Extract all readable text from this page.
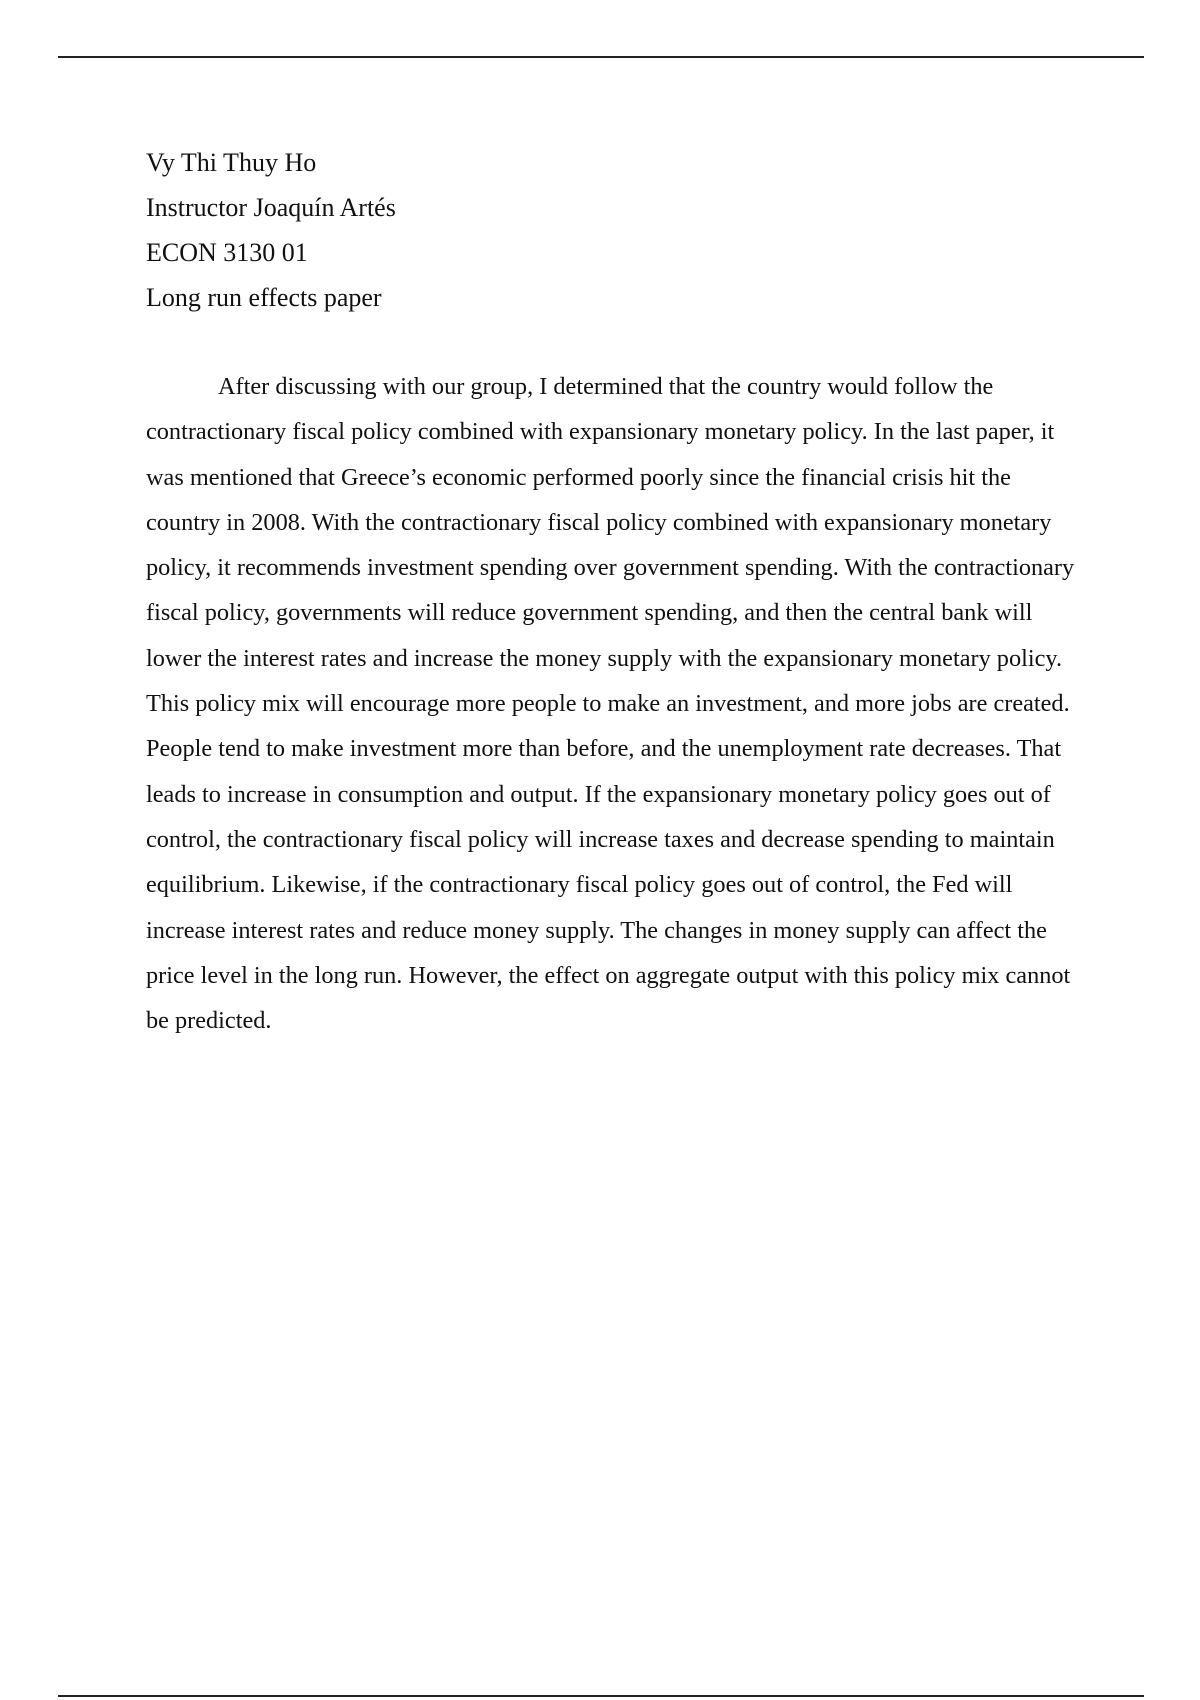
Vy Thi Thuy Ho
Instructor Joaquín Artés
ECON 3130 01
Long run effects paper

After discussing with our group, I determined that the country would follow the contractionary fiscal policy combined with expansionary monetary policy. In the last paper, it was mentioned that Greece’s economic performed poorly since the financial crisis hit the country in 2008. With the contractionary fiscal policy combined with expansionary monetary policy, it recommends investment spending over government spending. With the contractionary fiscal policy, governments will reduce government spending, and then the central bank will lower the interest rates and increase the money supply with the expansionary monetary policy. This policy mix will encourage more people to make an investment, and more jobs are created. People tend to make investment more than before, and the unemployment rate decreases. That leads to increase in consumption and output. If the expansionary monetary policy goes out of control, the contractionary fiscal policy will increase taxes and decrease spending to maintain equilibrium. Likewise, if the contractionary fiscal policy goes out of control, the Fed will increase interest rates and reduce money supply. The changes in money supply can affect the price level in the long run. However, the effect on aggregate output with this policy mix cannot be predicted.
